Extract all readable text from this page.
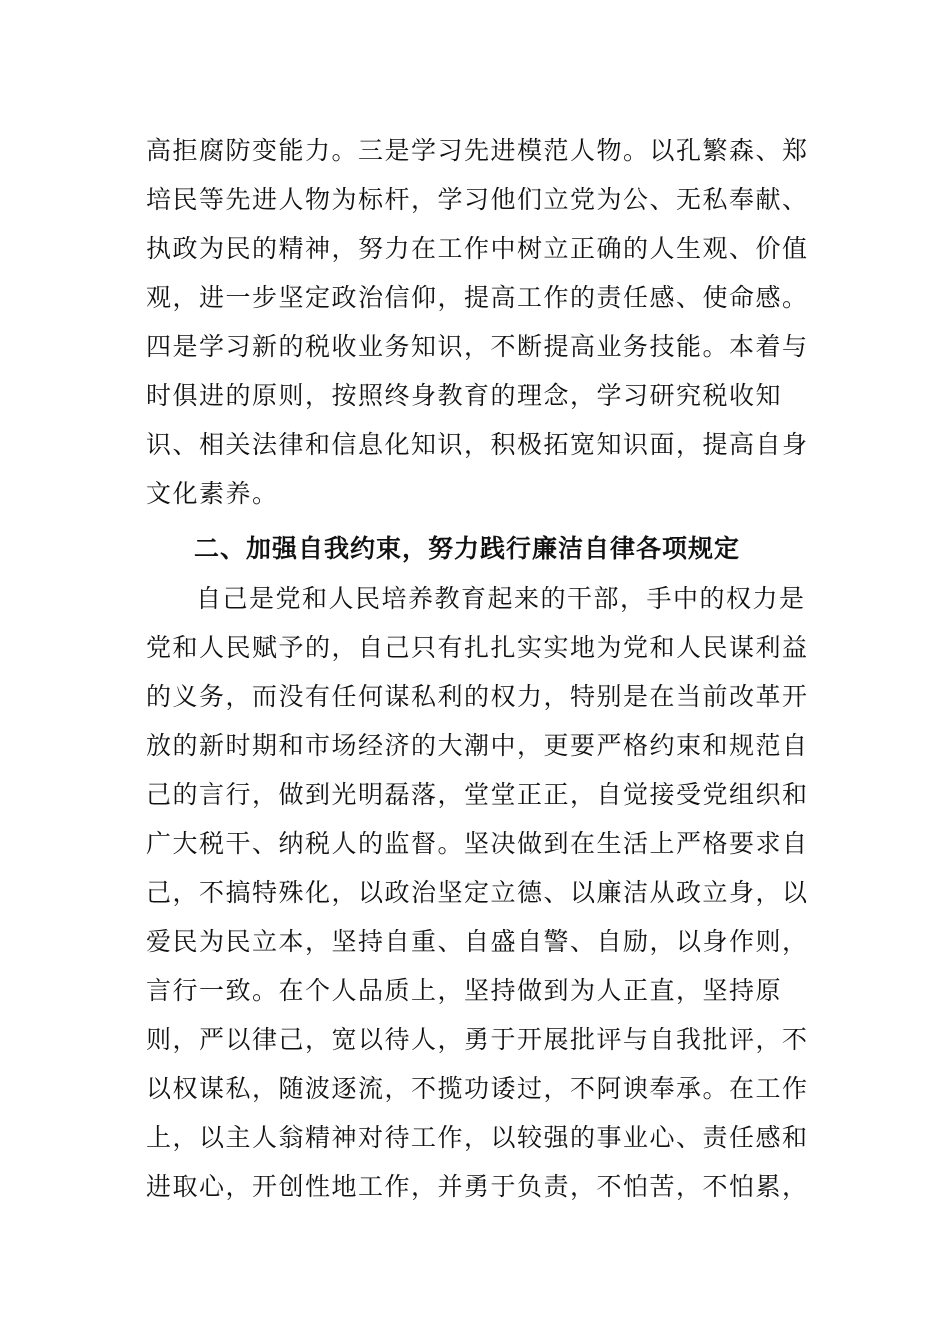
高拒腐防变能力。三是学习先进模范人物。以孔繁森、郑
培民等先进人物为标杆，学习他们立党为公、无私奉献、
执政为民的精神，努力在工作中树立正确的人生观、价值
观，进一步坚定政治信仰，提高工作的责任感、使命感。
四是学习新的税收业务知识，不断提高业务技能。本着与
时俱进的原则，按照终身教育的理念，学习研究税收知
识、相关法律和信息化知识，积极拓宽知识面，提高自身
文化素养。
二、加强自我约束，努力践行廉洁自律各项规定
自己是党和人民培养教育起来的干部，手中的权力是
党和人民赋予的，自己只有扎扎实实地为党和人民谋利益
的义务，而没有任何谋私利的权力，特别是在当前改革开
放的新时期和市场经济的大潮中，更要严格约束和规范自
己的言行，做到光明磊落，堂堂正正，自觉接受党组织和
广大税干、纳税人的监督。坚决做到在生活上严格要求自
己，不搞特殊化，以政治坚定立德、以廉洁从政立身，以
爱民为民立本，坚持自重、自盛自警、自励，以身作则，
言行一致。在个人品质上，坚持做到为人正直，坚持原
则，严以律己，宽以待人，勇于开展批评与自我批评，不
以权谋私，随波逐流，不揽功诿过，不阿谀奉承。在工作
上，以主人翁精神对待工作，以较强的事业心、责任感和
进取心，开创性地工作，并勇于负责，不怕苦，不怕累，
